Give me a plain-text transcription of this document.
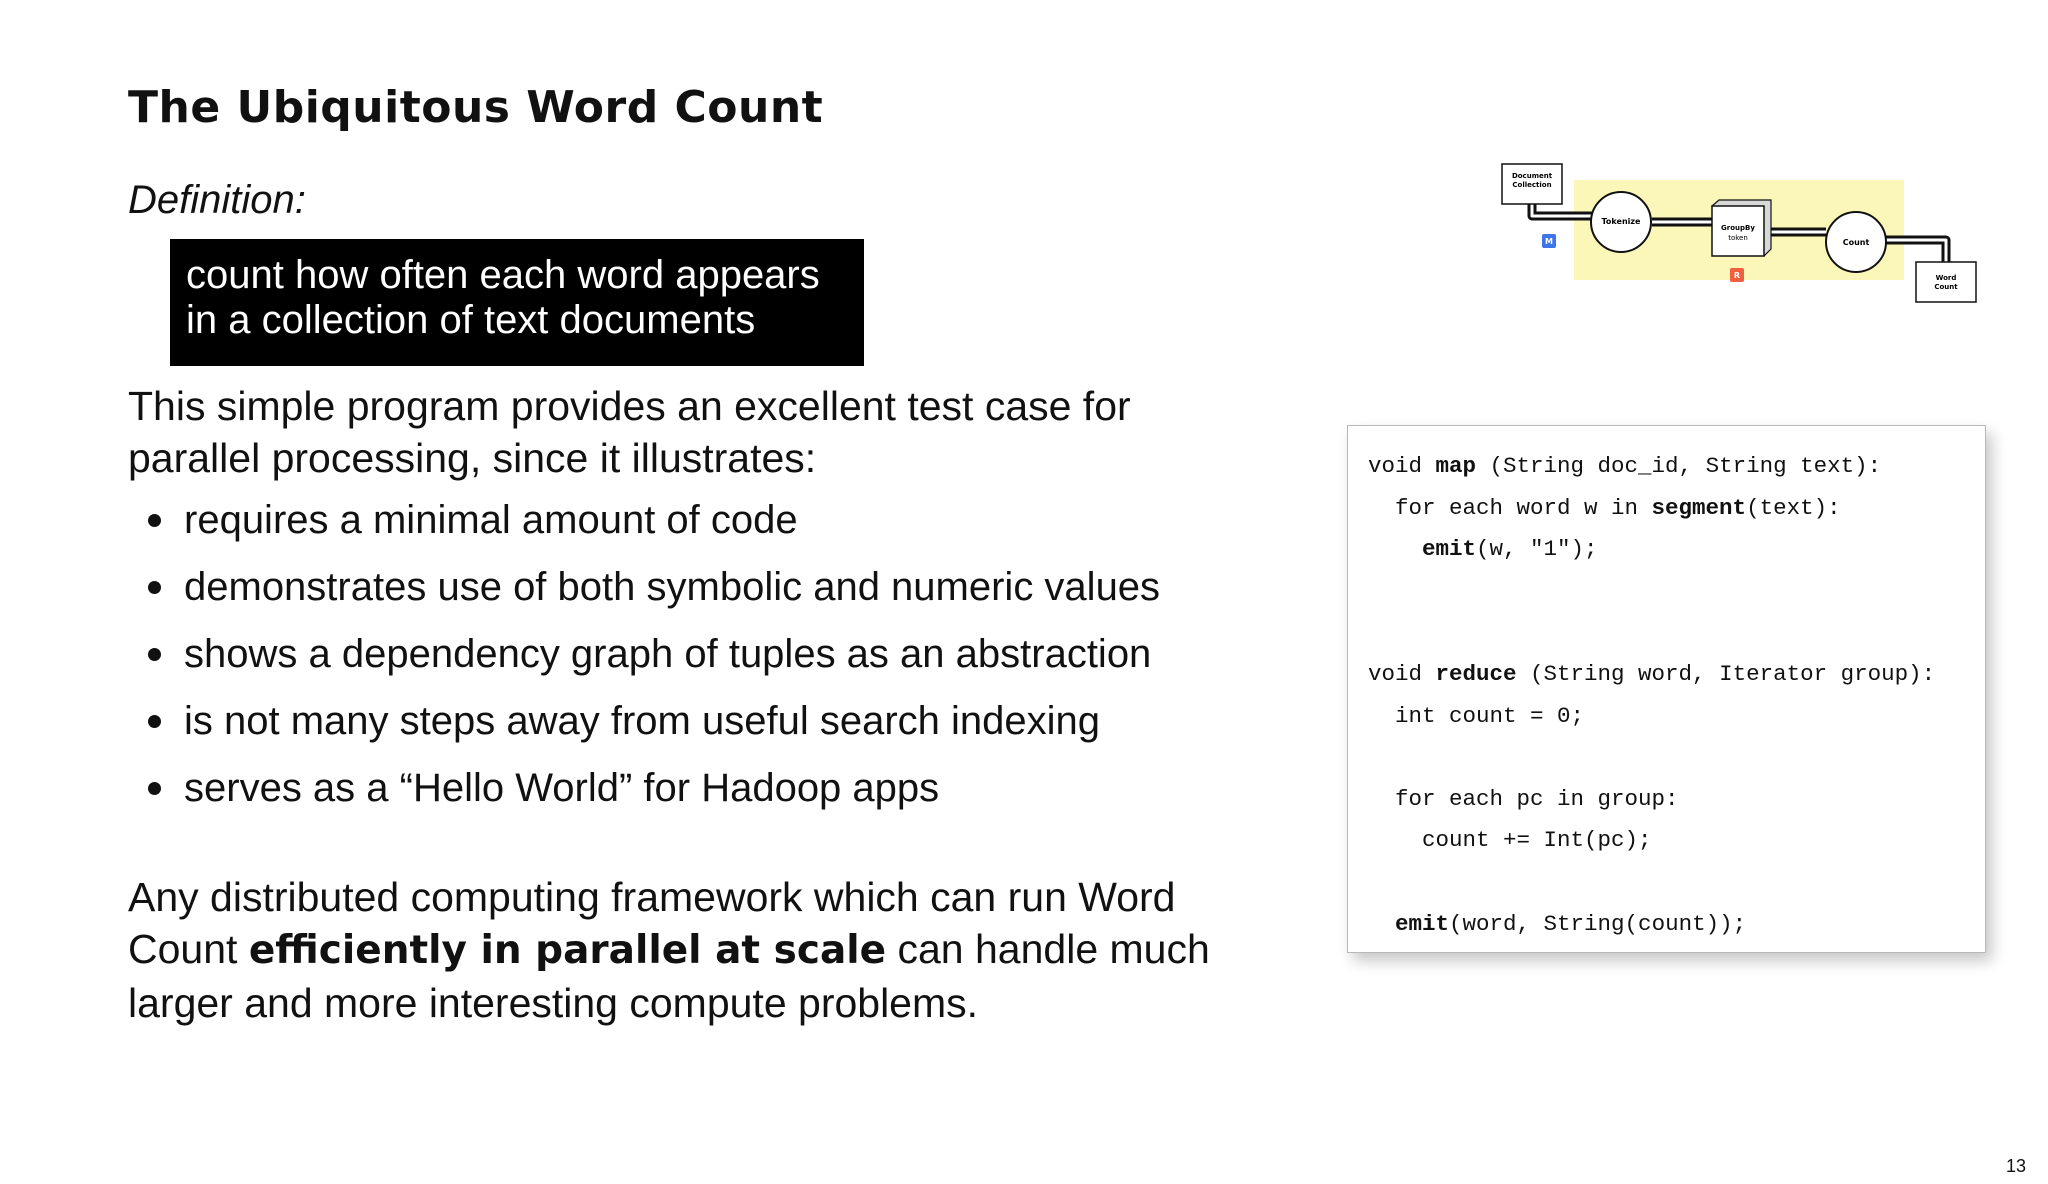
The Ubiquitous Word Count
Definition:
count how often each word appears
in a collection of text documents
This simple program provides an excellent test case for parallel processing, since it illustrates:
requires a minimal amount of code
demonstrates use of both symbolic and numeric values
shows a dependency graph of tuples as an abstraction
is not many steps away from useful search indexing
serves as a “Hello World” for Hadoop apps
Any distributed computing framework which can run Word Count efficiently in parallel at scale can handle much larger and more interesting compute problems.
Document
Collection
Tokenize
GroupBy
token	Count
Word
Count
M
R
void map (String doc_id, String text):
for each word w in segment(text):
emit(w, "1");

void reduce (String word, Iterator group):
int count = 0;

for each pc in group:
count += Int(pc);

emit(word, String(count));
13
